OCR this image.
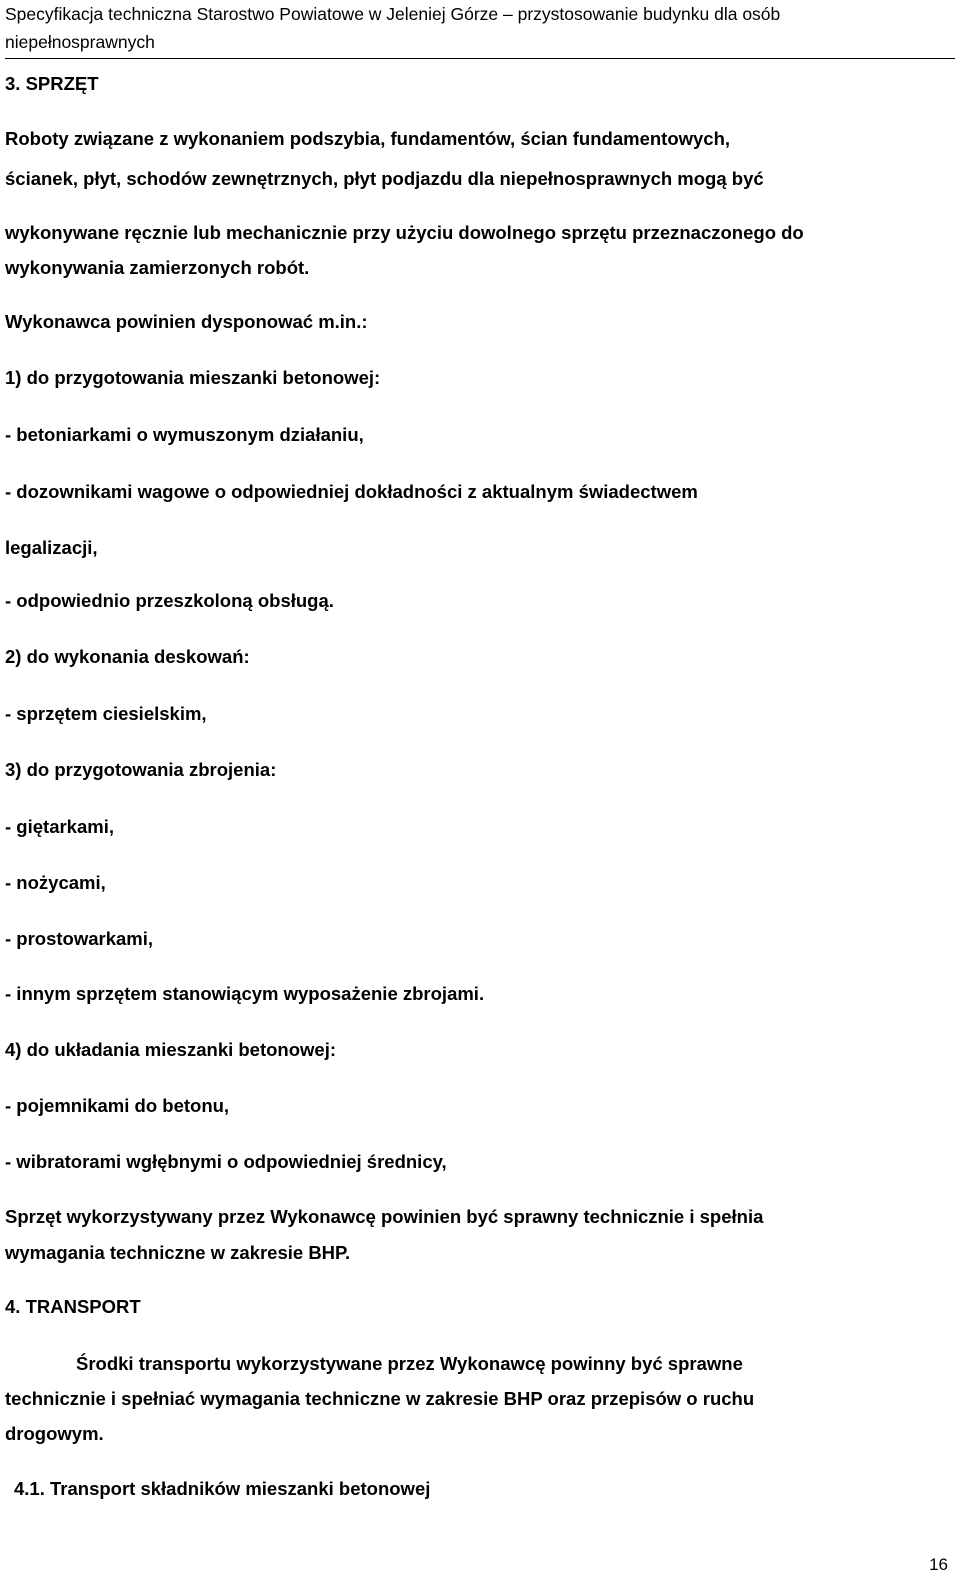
Specyfikacja techniczna Starostwo Powiatowe w Jeleniej Górze – przystosowanie budynku dla osób
niepełnosprawnych
3. SPRZĘT
Roboty związane z wykonaniem podszybia, fundamentów, ścian fundamentowych,
ścianek, płyt, schodów zewnętrznych, płyt podjazdu dla niepełnosprawnych mogą być
wykonywane ręcznie lub mechanicznie przy użyciu dowolnego sprzętu przeznaczonego do
wykonywania zamierzonych robót.
Wykonawca powinien dysponować m.in.:
1) do przygotowania mieszanki betonowej:
- betoniarkami o wymuszonym działaniu,
- dozownikami wagowe o odpowiedniej dokładności z aktualnym świadectwem
legalizacji,
- odpowiednio przeszkoloną obsługą.
2) do wykonania deskowań:
- sprzętem ciesielskim,
3) do przygotowania zbrojenia:
- giętarkami,
- nożycami,
- prostowarkami,
- innym sprzętem stanowiącym wyposażenie zbrojami.
4) do układania mieszanki betonowej:
- pojemnikami do betonu,
- wibratorami wgłębnymi o odpowiedniej średnicy,
Sprzęt wykorzystywany przez Wykonawcę powinien być sprawny technicznie i spełnia
wymagania techniczne w zakresie BHP.
4. TRANSPORT
Środki transportu wykorzystywane przez Wykonawcę powinny być sprawne
technicznie i spełniać wymagania techniczne w zakresie BHP oraz przepisów o ruchu
drogowym.
4.1. Transport składników mieszanki betonowej
16
